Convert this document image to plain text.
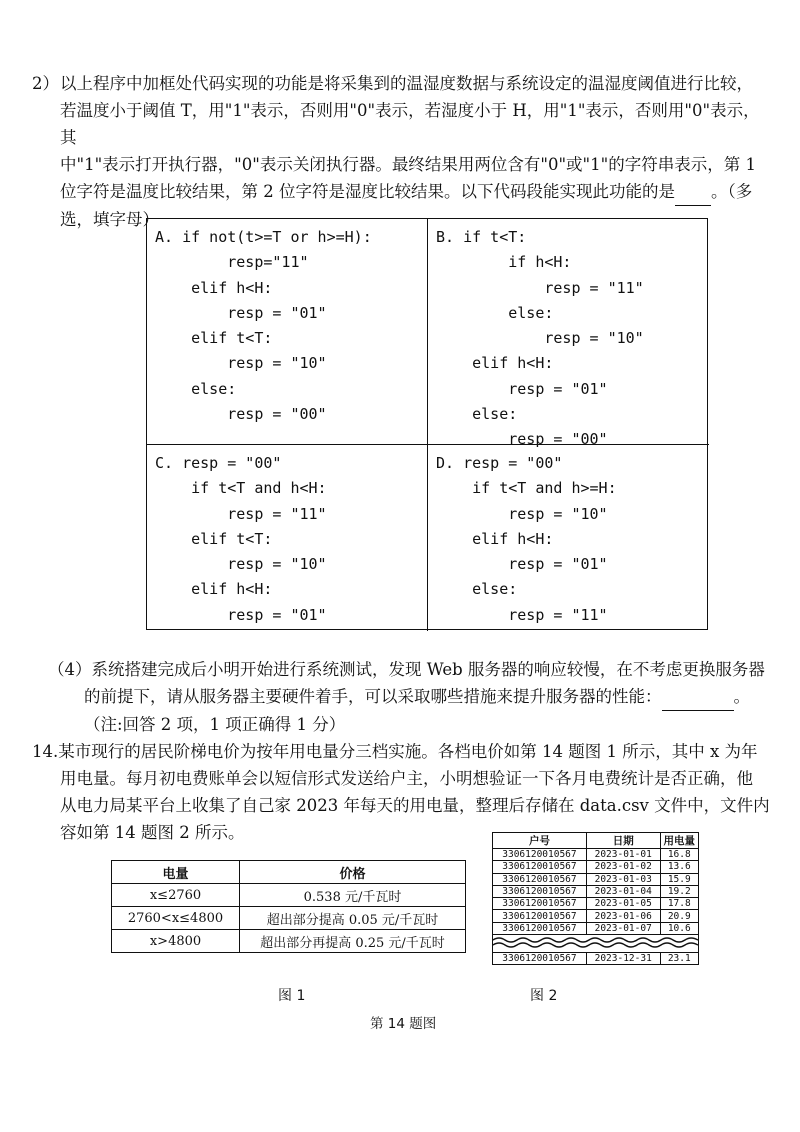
2） 以上程序中加框处代码实现的功能是将采集到的温湿度数据与系统设定的温湿度阈值进行比较，
若温度小于阈值 T，用"1"表示，否则用"0"表示，若湿度小于 H，用"1"表示，否则用"0"表示，其
中"1"表示打开执行器，"0"表示关闭执行器。最终结果用两位含有"0"或"1"的字符串表示，第 1
位字符是温度比较结果，第 2 位字符是湿度比较结果。以下代码段能实现此功能的是 。（多
选，填字母）
A. if not(t>=T or h>=H):
resp="11"
elif h<H:
resp = "01"
elif t<T:
resp = "10"
else:
resp = "00"
B. if t<T:
if h<H:
resp = "11"
else:
resp = "10"
elif h<H:
resp = "01"
else:
resp = "00"
C. resp = "00"
if t<T and h<H:
resp = "11"
elif t<T:
resp = "10"
elif h<H:
resp = "01"
D. resp = "00"
if t<T and h>=H:
resp = "10"
elif h<H:
resp = "01"
else:
resp = "11"
（4）系统搭建完成后小明开始进行系统测试，发现 Web 服务器的响应较慢，在不考虑更换服务器
的前提下，请从服务器主要硬件着手，可以采取哪些措施来提升服务器的性能：	。
（注:回答 2 项，1 项正确得 1 分）
14.某市现行的居民阶梯电价为按年用电量分三档实施。各档电价如第 14 题图 1 所示，其中 x 为年
用电量。每月初电费账单会以短信形式发送给户主，小明想验证一下各月电费统计是否正确，他
从电力局某平台上收集了自己家 2023 年每天的用电量，整理后存储在 data.csv 文件中，文件内
容如第 14 题图 2 所示。
电量	价格
x≤2760	0.538 元/千瓦时
2760<x≤4800	超出部分提高 0.05 元/千瓦时
x>4800	超出部分再提高 0.25 元/千瓦时
户号	日期	用电量
3306120010567	2023-01-01	16.8
3306120010567	2023-01-02	13.6
3306120010567	2023-01-03	15.9
3306120010567	2023-01-04	19.2
3306120010567	2023-01-05	17.8
3306120010567	2023-01-06	20.9
3306120010567	2023-01-07	10.6

3306120010567	2023-12-31	23.1
图 1	图 2
第 14 题图
